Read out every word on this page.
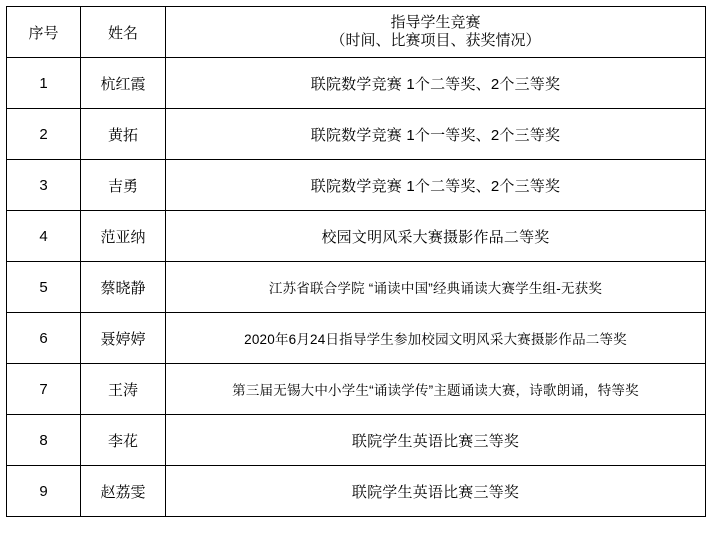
序号	姓名	指导学生竞赛
（时间、比赛项目、获奖情况）

1	杭红霞	联院数学竞赛 1个二等奖、2个三等奖
2	黄拓	联院数学竞赛 1个一等奖、2个三等奖
3	吉勇	联院数学竞赛 1个二等奖、2个三等奖
4	范亚纳	校园文明风采大赛摄影作品二等奖
5	蔡晓静	江苏省联合学院 “诵读中国”经典诵读大赛学生组-无获奖
6	聂婷婷	2020年6月24日指导学生参加校园文明风采大赛摄影作品二等奖
7	王涛	第三届无锡大中小学生“诵读学传”主题诵读大赛，诗歌朗诵，特等奖
8	李花	联院学生英语比赛三等奖
9	赵荔雯	联院学生英语比赛三等奖
